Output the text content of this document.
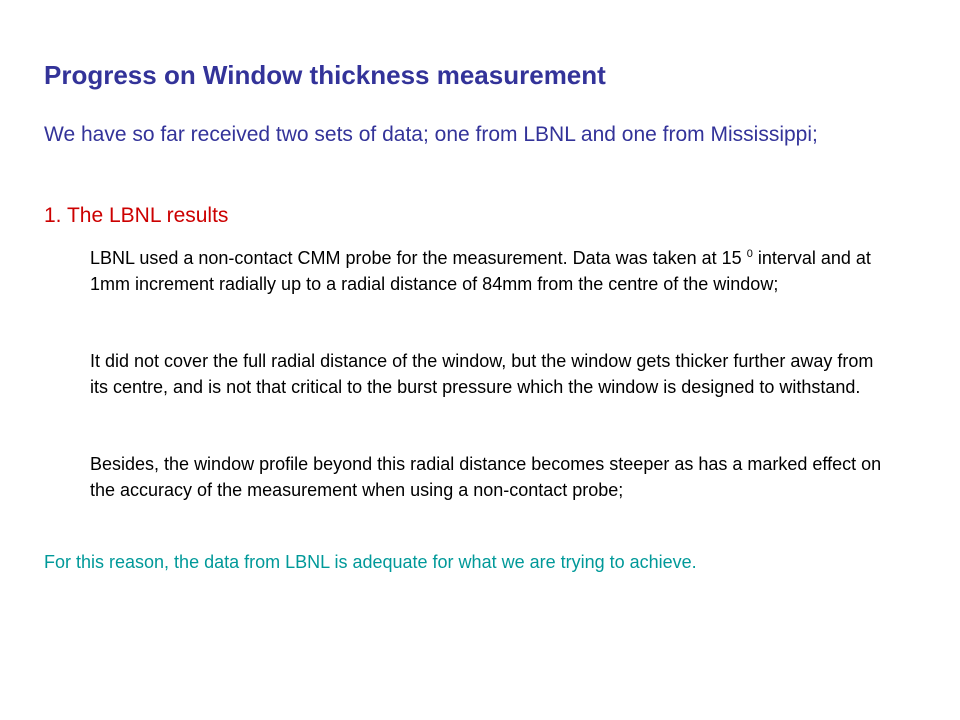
Progress on Window thickness measurement

We have so far received two sets of data; one from LBNL and one from Mississippi;

1. The LBNL results

LBNL used a non-contact CMM probe for the measurement. Data was taken at 15 $^0$ interval and at 1mm increment radially up to a radial distance of 84mm from the centre of the window;

It did not cover the full radial distance of the window, but the window gets thicker further away from its centre, and is not that critical to the burst pressure which the window is designed to withstand.

Besides, the window profile beyond this radial distance becomes steeper as has a marked effect on the accuracy of the measurement when using a non-contact probe;

For this reason, the data from LBNL is adequate for what we are trying to achieve.
